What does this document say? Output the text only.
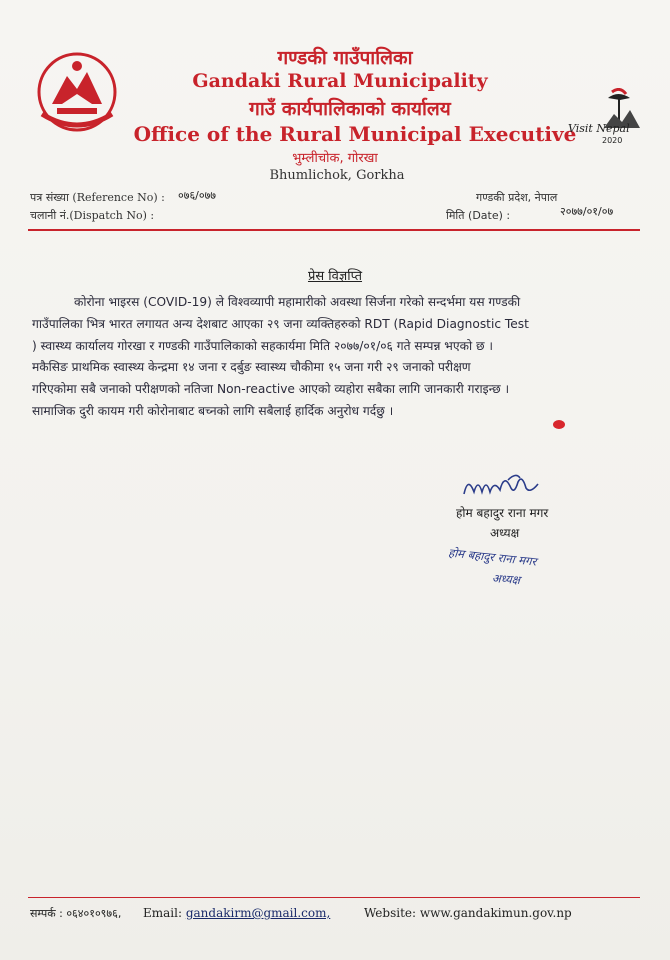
गण्डकी गाउँपालिका
Gandaki Rural Municipality
गाउँ कार्यपालिकाको कार्यालय
Office of the Rural Municipal Executive
भुम्लीचोक, गोरखा
Bhumlichok, Gorkha
Visit Nepal
2020
०७६/०७७
पत्र संख्या (Reference No) :
चलानी नं.(Dispatch No) :
गण्डकी प्रदेश, नेपाल
मिति (Date) :	२०७७/०१/०७
प्रेस विज्ञप्ति
कोरोना भाइरस (COVID-19) ले विश्वव्यापी महामारीको अवस्था सिर्जना गरेको सन्दर्भमा यस गण्डकी
गाउँपालिका भित्र भारत लगायत अन्य देशबाट आएका २९ जना व्यक्तिहरुको RDT (Rapid Diagnostic Test
) स्वास्थ्य कार्यालय गोरखा र गण्डकी गाउँपालिकाको सहकार्यमा मिति २०७७/०१/०६ गते सम्पन्न भएको छ ।
मकैसिङ प्राथमिक स्वास्थ्य केन्द्रमा १४ जना र दर्बुङ स्वास्थ्य चौकीमा १५ जना गरी २९ जनाको परीक्षण
गरिएकोमा सबै जनाको परीक्षणको नतिजा Non-reactive आएको व्यहोरा सबैका लागि जानकारी गराइन्छ ।
सामाजिक दुरी कायम गरी कोरोनाबाट बच्नको लागि सबैलाई हार्दिक अनुरोध गर्दछु ।
होम बहादुर राना मगर
अध्यक्ष
होम बहादुर राना मगर
अध्यक्ष
सम्पर्क : ०६४०१०९७६, Email: gandakirm@gmail.com,	Website: www.gandakimun.gov.np
